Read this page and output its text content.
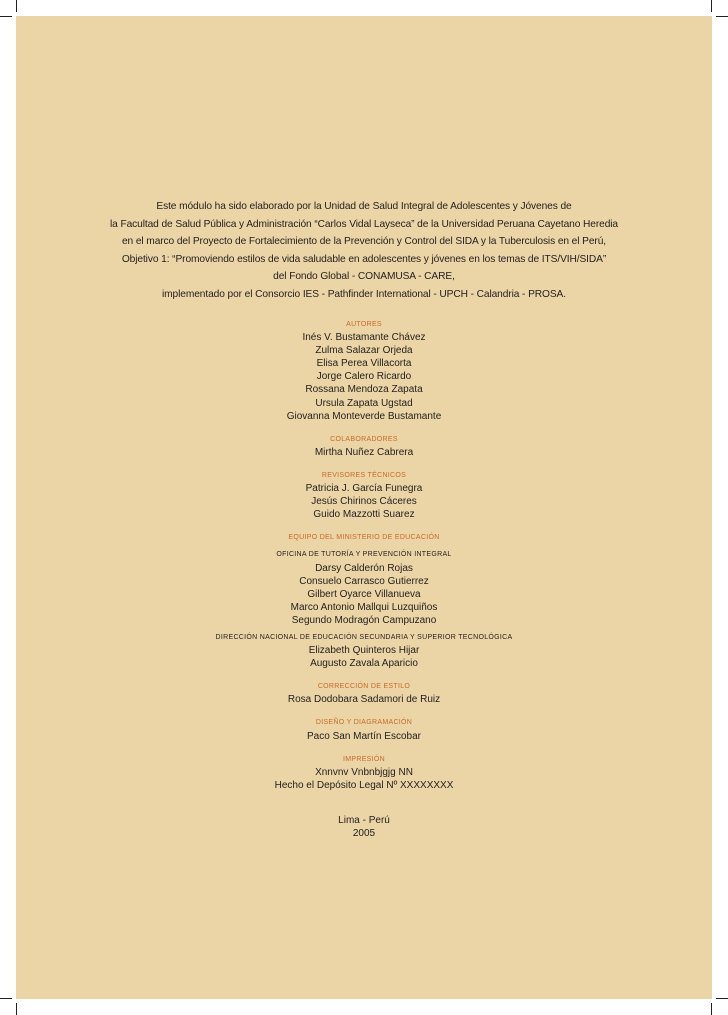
Este módulo ha sido elaborado por la Unidad de Salud Integral de Adolescentes y Jóvenes de
la Facultad de Salud Pública y Administración “Carlos Vidal Layseca” de la Universidad Peruana Cayetano Heredia
en el marco del Proyecto de Fortalecimiento de la Prevención y Control del SIDA y la Tuberculosis en el Perú,
Objetivo 1: “Promoviendo estilos de vida saludable en adolescentes y jóvenes en los temas de ITS/VIH/SIDA”
del Fondo Global - CONAMUSA - CARE,
implementado por el Consorcio IES - Pathfinder International - UPCH - Calandria - PROSA.
AUTORES
Inés V. Bustamante Chávez
Zulma Salazar Orjeda
Elisa Perea Villacorta
Jorge Calero Ricardo
Rossana Mendoza Zapata
Ursula Zapata Ugstad
Giovanna Monteverde Bustamante
COLABORADORES
Mirtha Nuñez Cabrera
REVISORES TÉCNICOS
Patricia J. García Funegra
Jesús Chirinos Cáceres
Guido Mazzotti Suarez
EQUIPO DEL MINISTERIO DE EDUCACIÓN
OFICINA DE TUTORÍA Y PREVENCIÓN INTEGRAL
Darsy Calderón Rojas
Consuelo Carrasco Gutierrez
Gilbert Oyarce Villanueva
Marco Antonio Mallqui Luzquiños
Segundo Modragón Campuzano
DIRECCIÓN NACIONAL DE EDUCACIÓN SECUNDARIA Y SUPERIOR TECNOLÓGICA
Elizabeth Quinteros Hijar
Augusto Zavala Aparicio
CORRECCIÓN DE ESTILO
Rosa Dodobara Sadamori de Ruiz
DISEÑO Y DIAGRAMACIÓN
Paco San Martín Escobar
IMPRESIÓN
Xnnvnv Vnbnbjgjg NN
Hecho el Depósito Legal Nº XXXXXXXX
Lima - Perú
2005
